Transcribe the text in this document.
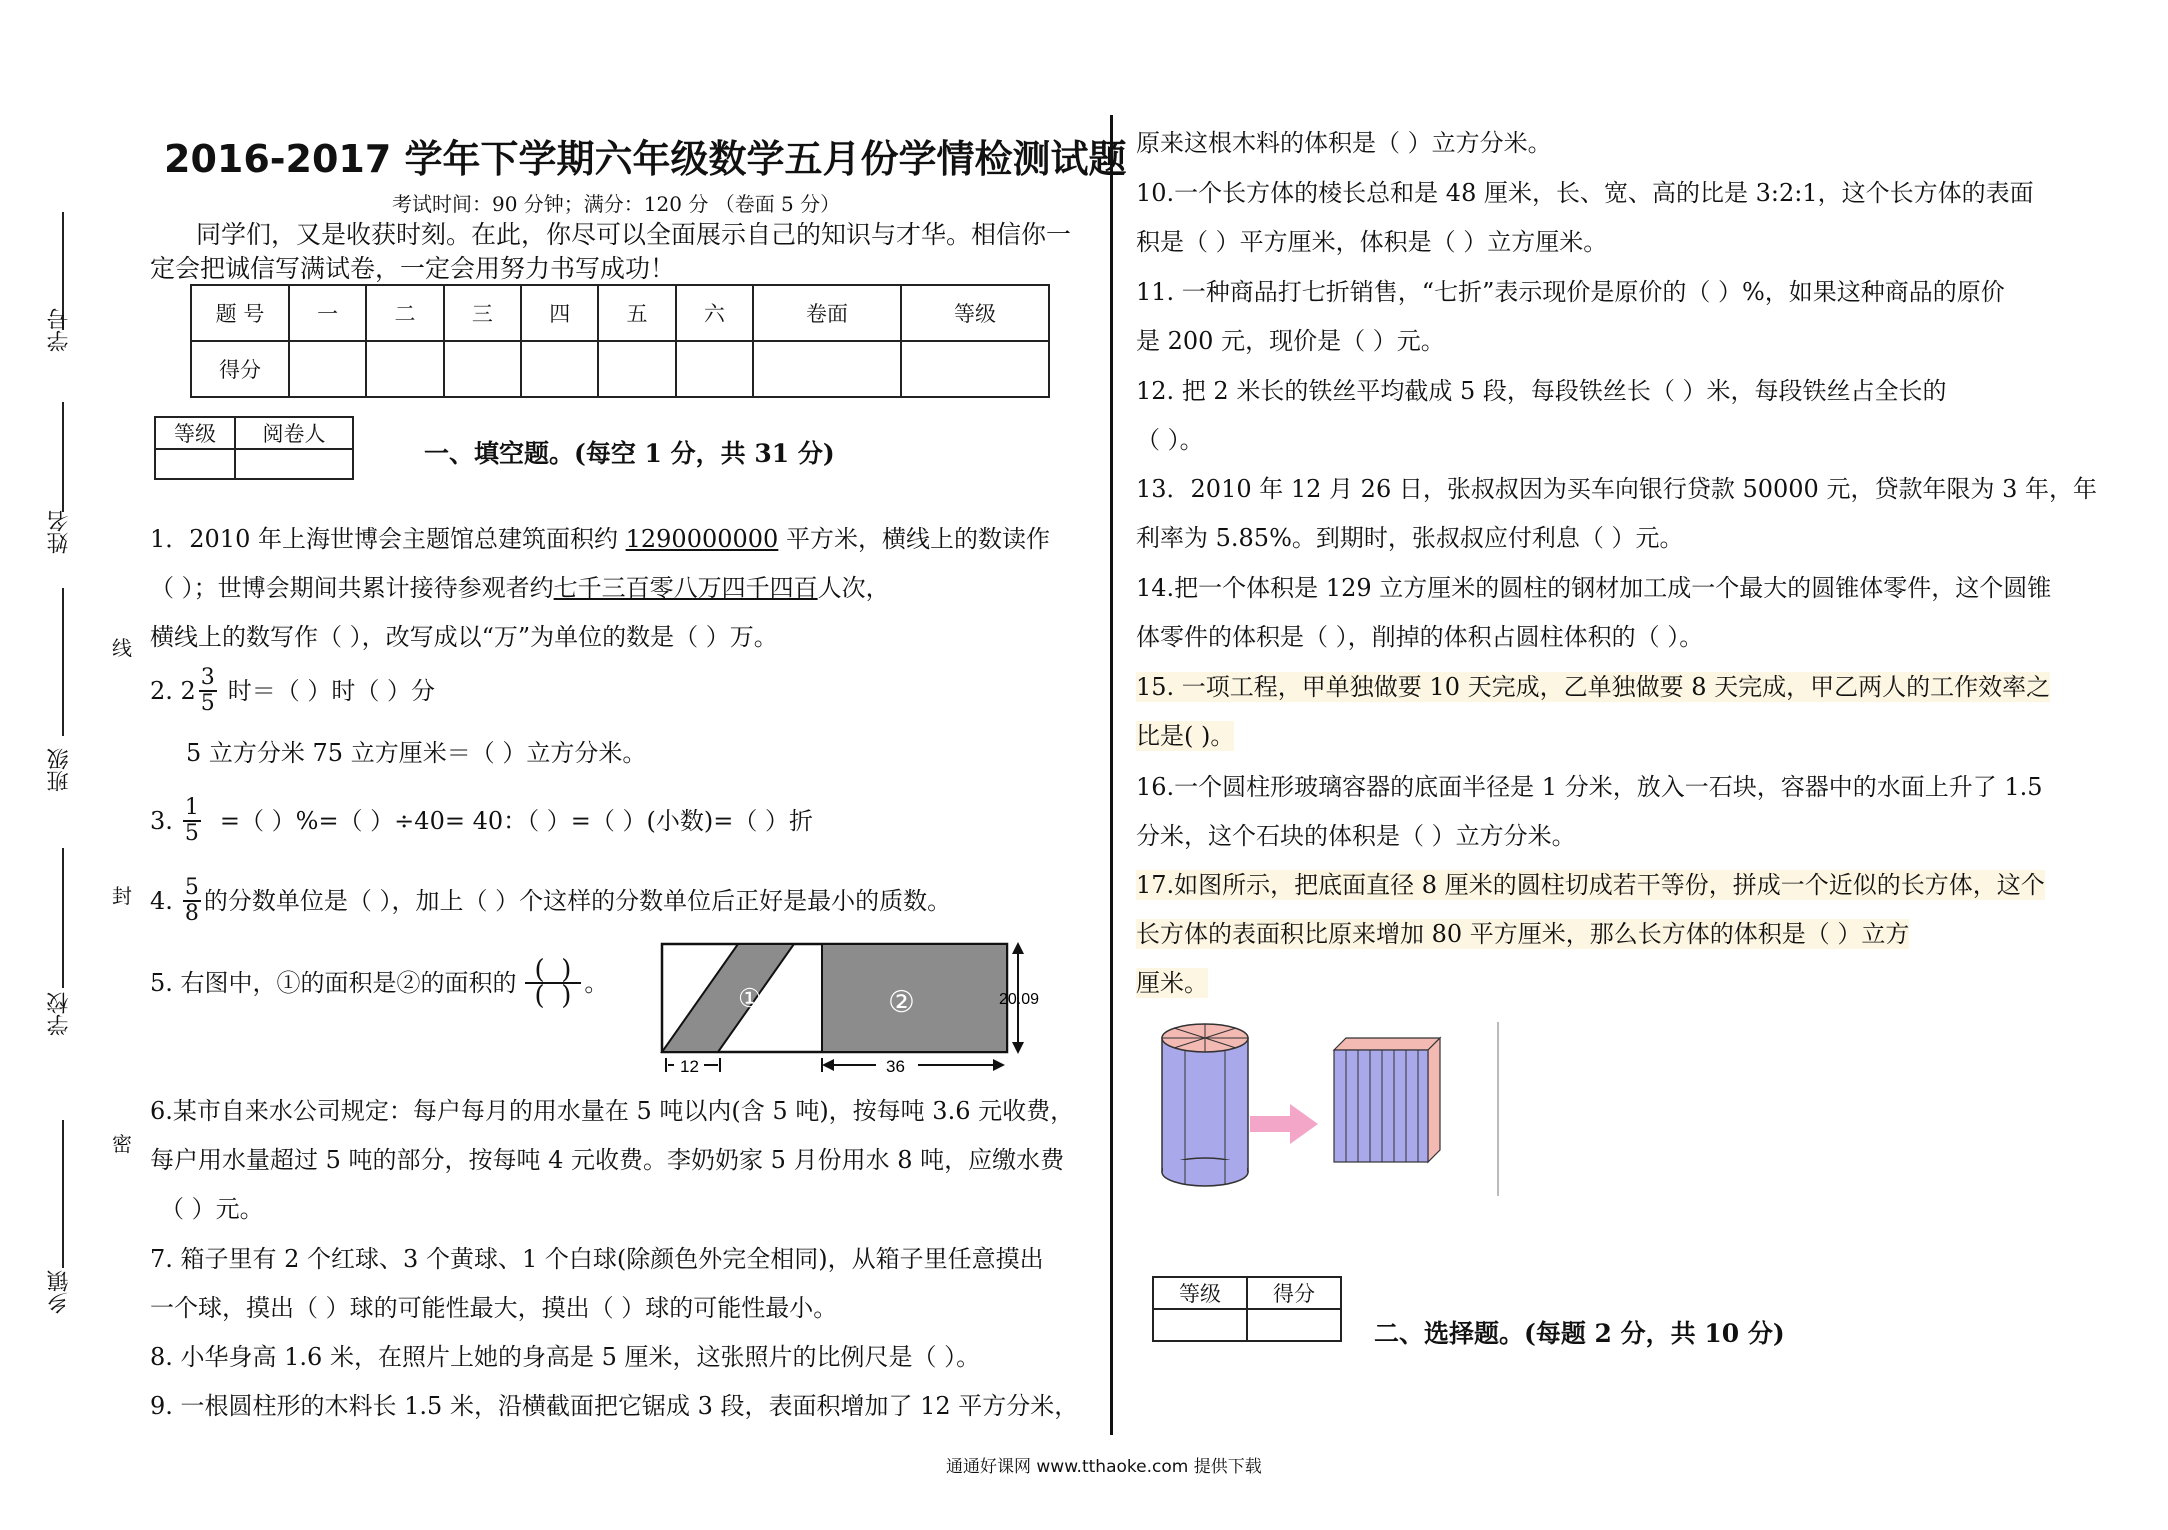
学号
姓名
班级
学校
乡镇
线
封
密
2016-2017 学年下学期六年级数学五月份学情检测试题
考试时间：90 分钟；满分：120 分 （卷面 5 分）
同学们，又是收获时刻。在此，你尽可以全面展示自己的知识与才华。相信你一
定会把诚信写满试卷，一定会用努力书写成功！
题 号	一	二	三	四	五	六	卷面	等级
得分								
等级	阅卷人

一、填空题。(每空 1 分，共 31 分)
1．2010 年上海世博会主题馆总建筑面积约 1290000000 平方米，横线上的数读作
（ ）；世博会期间共累计接待参观者约七千三百零八万四千四百人次，
横线上的数写作（ ），改写成以“万”为单位的数是（ ）万。
2. $2 \frac{3}{5}$ 时＝（ ）时（ ）分
5 立方分米 75 立方厘米＝（ ）立方分米。
3. $\frac{1}{5}$ =（ ）%=（ ）÷40= 40：（ ）=（ ）(小数)=（ ）折
4. $\frac{5}{8}$ 的分数单位是（ ），加上（ ）个这样的分数单位后正好是最小的质数。
5. 右图中，①的面积是②的面积的 $\frac{( )}{( )}$ 。
①	②	20.09
12	36
6.某市自来水公司规定：每户每月的用水量在 5 吨以内(含 5 吨)，按每吨 3.6 元收费，
每户用水量超过 5 吨的部分，按每吨 4 元收费。李奶奶家 5 月份用水 8 吨，应缴水费
（ ）元。
7. 箱子里有 2 个红球、3 个黄球、1 个白球(除颜色外完全相同)，从箱子里任意摸出
一个球，摸出（ ）球的可能性最大，摸出（ ）球的可能性最小。
8. 小华身高 1.6 米，在照片上她的身高是 5 厘米，这张照片的比例尺是（ ）。
9. 一根圆柱形的木料长 1.5 米，沿横截面把它锯成 3 段，表面积增加了 12 平方分米，
原来这根木料的体积是（ ）立方分米。
10.一个长方体的棱长总和是 48 厘米，长、宽、高的比是 3:2:1，这个长方体的表面
积是（ ）平方厘米，体积是（ ）立方厘米。
11. 一种商品打七折销售，“七折”表示现价是原价的（ ）%，如果这种商品的原价
是 200 元，现价是（ ）元。
12. 把 2 米长的铁丝平均截成 5 段，每段铁丝长（ ）米，每段铁丝占全长的
（ ）。
13．2010 年 12 月 26 日，张叔叔因为买车向银行贷款 50000 元，贷款年限为 3 年，年
利率为 5.85%。到期时，张叔叔应付利息（ ）元。
14.把一个体积是 129 立方厘米的圆柱的钢材加工成一个最大的圆锥体零件，这个圆锥
体零件的体积是（ ），削掉的体积占圆柱体积的（ ）。
15. 一项工程，甲单独做要 10 天完成，乙单独做要 8 天完成，甲乙两人的工作效率之
比是( )。
16.一个圆柱形玻璃容器的底面半径是 1 分米，放入一石块，容器中的水面上升了 1.5
分米，这个石块的体积是（ ）立方分米。
17.如图所示，把底面直径 8 厘米的圆柱切成若干等份，拼成一个近似的长方体，这个
长方体的表面积比原来增加 80 平方厘米，那么长方体的体积是（ ）立方
厘米。
等级	得分

二、选择题。(每题 2 分，共 10 分)
通通好课网 www.tthaoke.com 提供下载
